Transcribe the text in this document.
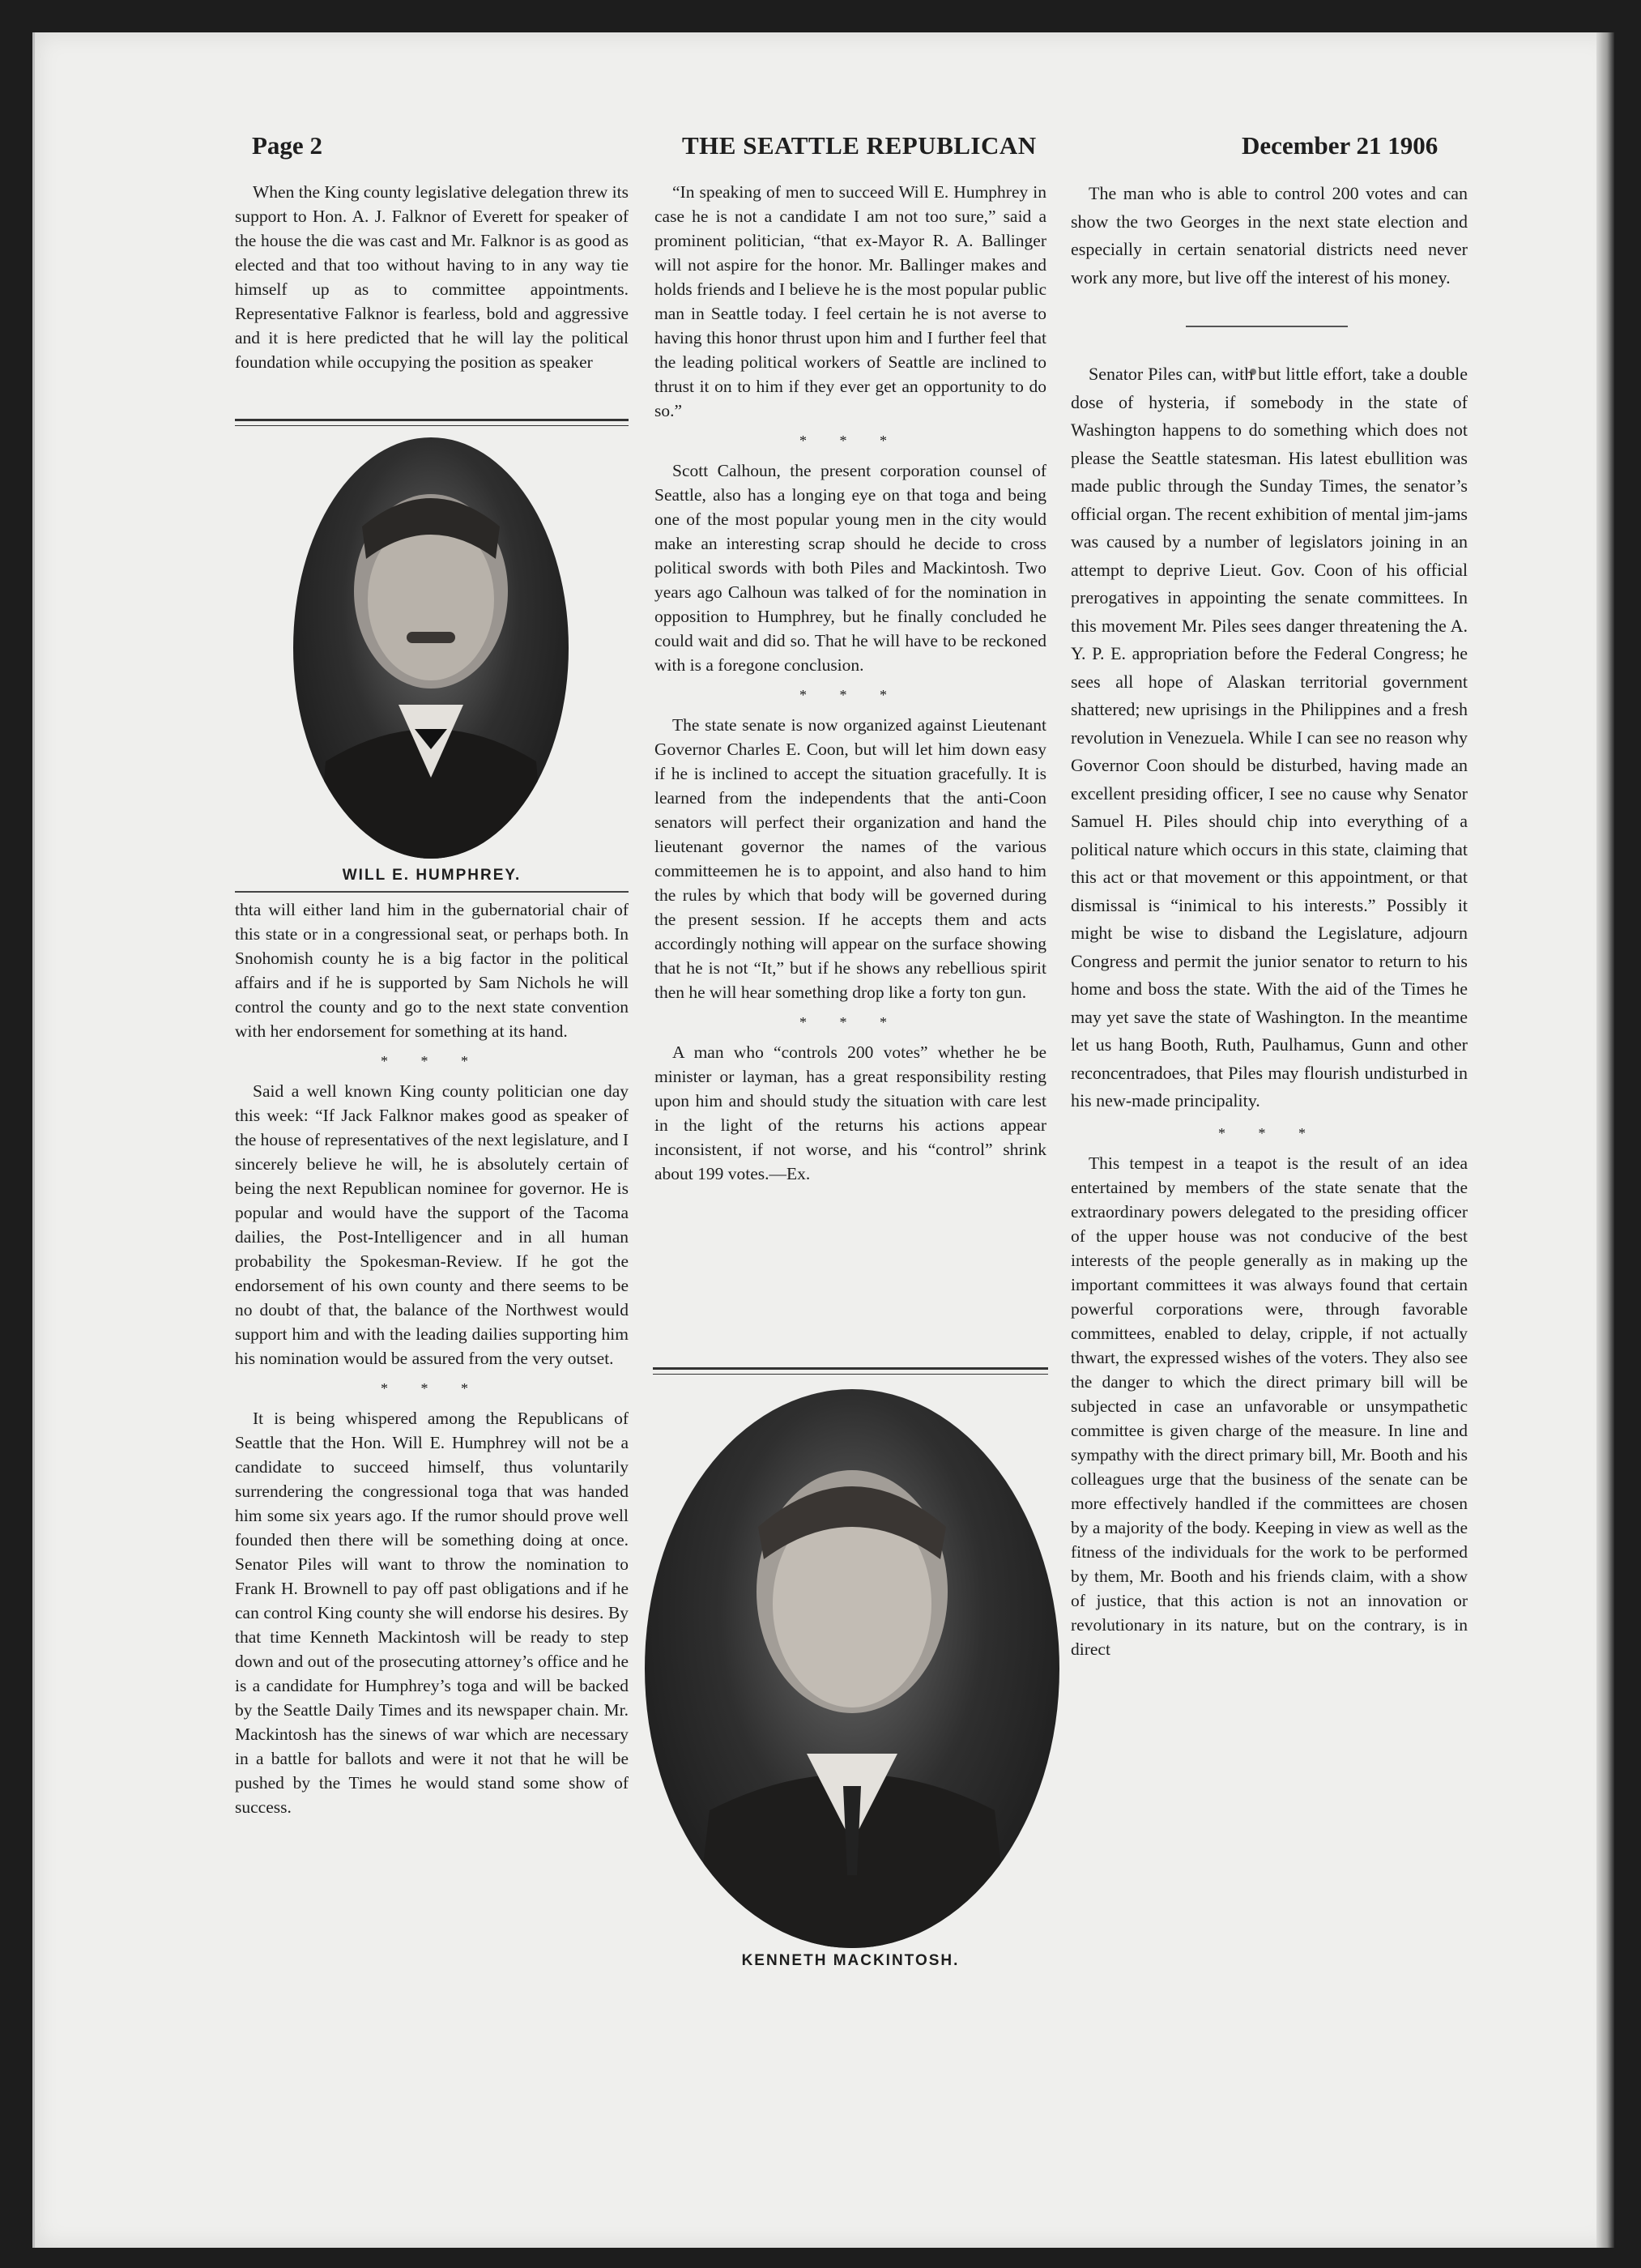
Page 2	THE SEATTLE REPUBLICAN	December 21 1906

When the King county legislative delegation threw its support to Hon. A. J. Falknor of Everett for speaker of the house the die was cast and Mr. Falknor is as good as elected and that too without having to in any way tie himself up as to committee appointments. Representative Falknor is fearless, bold and aggressive and it is here predicted that he will lay the political foundation while occupying the position as speaker

WILL E. HUMPHREY.

thta will either land him in the gubernatorial chair of this state or in a congressional seat, or perhaps both. In Snohomish county he is a big factor in the political affairs and if he is supported by Sam Nichols he will control the county and go to the next state convention with her endorsement for something at its hand.

* * *

Said a well known King county politician one day this week: “If Jack Falknor makes good as speaker of the house of representatives of the next legislature, and I sincerely believe he will, he is absolutely certain of being the next Republican nominee for governor. He is popular and would have the support of the Tacoma dailies, the Post-Intelligencer and in all human probability the Spokesman-Review. If he got the endorsement of his own county and there seems to be no doubt of that, the balance of the Northwest would support him and with the leading dailies supporting him his nomination would be assured from the very outset.

* * *

It is being whispered among the Republicans of Seattle that the Hon. Will E. Humphrey will not be a candidate to succeed himself, thus voluntarily surrendering the congressional toga that was handed him some six years ago. If the rumor should prove well founded then there will be something doing at once. Senator Piles will want to throw the nomination to Frank H. Brownell to pay off past obligations and if he can control King county she will endorse his desires. By that time Kenneth Mackintosh will be ready to step down and out of the prosecuting attorney’s office and he is a candidate for Humphrey’s toga and will be backed by the Seattle Daily Times and its newspaper chain. Mr. Mackintosh has the sinews of war which are necessary in a battle for ballots and were it not that he will be pushed by the Times he would stand some show of success.

“In speaking of men to succeed Will E. Humphrey in case he is not a candidate I am not too sure,” said a prominent politician, “that ex-Mayor R. A. Ballinger will not aspire for the honor. Mr. Ballinger makes and holds friends and I believe he is the most popular public man in Seattle today. I feel certain he is not averse to having this honor thrust upon him and I further feel that the leading political workers of Seattle are inclined to thrust it on to him if they ever get an opportunity to do so.”

* * *

Scott Calhoun, the present corporation counsel of Seattle, also has a longing eye on that toga and being one of the most popular young men in the city would make an interesting scrap should he decide to cross political swords with both Piles and Mackintosh. Two years ago Calhoun was talked of for the nomination in opposition to Humphrey, but he finally concluded he could wait and did so. That he will have to be reckoned with is a foregone conclusion.

* * *

The state senate is now organized against Lieutenant Governor Charles E. Coon, but will let him down easy if he is inclined to accept the situation gracefully. It is learned from the independents that the anti-Coon senators will perfect their organization and hand the lieutenant governor the names of the various committeemen he is to appoint, and also hand to him the rules by which that body will be governed during the present session. If he accepts them and acts accordingly nothing will appear on the surface showing that he is not “It,” but if he shows any rebellious spirit then he will hear something drop like a forty ton gun.

* * *

A man who “controls 200 votes” whether he be minister or layman, has a great responsibility resting upon him and should study the situation with care lest in the light of the returns his actions appear inconsistent, if not worse, and his “control” shrink about 199 votes.—Ex.

KENNETH MACKINTOSH.

The man who is able to control 200 votes and can show the two Georges in the next state election and especially in certain senatorial districts need never work any more, but live off the interest of his money.

Senator Piles can, with but little effort, take a double dose of hysteria, if somebody in the state of Washington happens to do something which does not please the Seattle statesman. His latest ebullition was made public through the Sunday Times, the senator’s official organ. The recent exhibition of mental jim-jams was caused by a number of legislators joining in an attempt to deprive Lieut. Gov. Coon of his official prerogatives in appointing the senate committees. In this movement Mr. Piles sees danger threatening the A. Y. P. E. appropriation before the Federal Congress; he sees all hope of Alaskan territorial government shattered; new uprisings in the Philippines and a fresh revolution in Venezuela. While I can see no reason why Governor Coon should be disturbed, having made an excellent presiding officer, I see no cause why Senator Samuel H. Piles should chip into everything of a political nature which occurs in this state, claiming that this act or that movement or this appointment, or that dismissal is “inimical to his interests.” Possibly it might be wise to disband the Legislature, adjourn Congress and permit the junior senator to return to his home and boss the state. With the aid of the Times he may yet save the state of Washington. In the meantime let us hang Booth, Ruth, Paulhamus, Gunn and other reconcentradoes, that Piles may flourish undisturbed in his new-made principality.

* * *

This tempest in a teapot is the result of an idea entertained by members of the state senate that the extraordinary powers delegated to the presiding officer of the upper house was not conducive of the best interests of the people generally as in making up the important committees it was always found that certain powerful corporations were, through favorable committees, enabled to delay, cripple, if not actually thwart, the expressed wishes of the voters. They also see the danger to which the direct primary bill will be subjected in case an unfavorable or unsympathetic committee is given charge of the measure. In line and sympathy with the direct primary bill, Mr. Booth and his colleagues urge that the business of the senate can be more effectively handled if the committees are chosen by a majority of the body. Keeping in view as well as the fitness of the individuals for the work to be performed by them, Mr. Booth and his friends claim, with a show of justice, that this action is not an innovation or revolutionary in its nature, but on the contrary, is in direct
